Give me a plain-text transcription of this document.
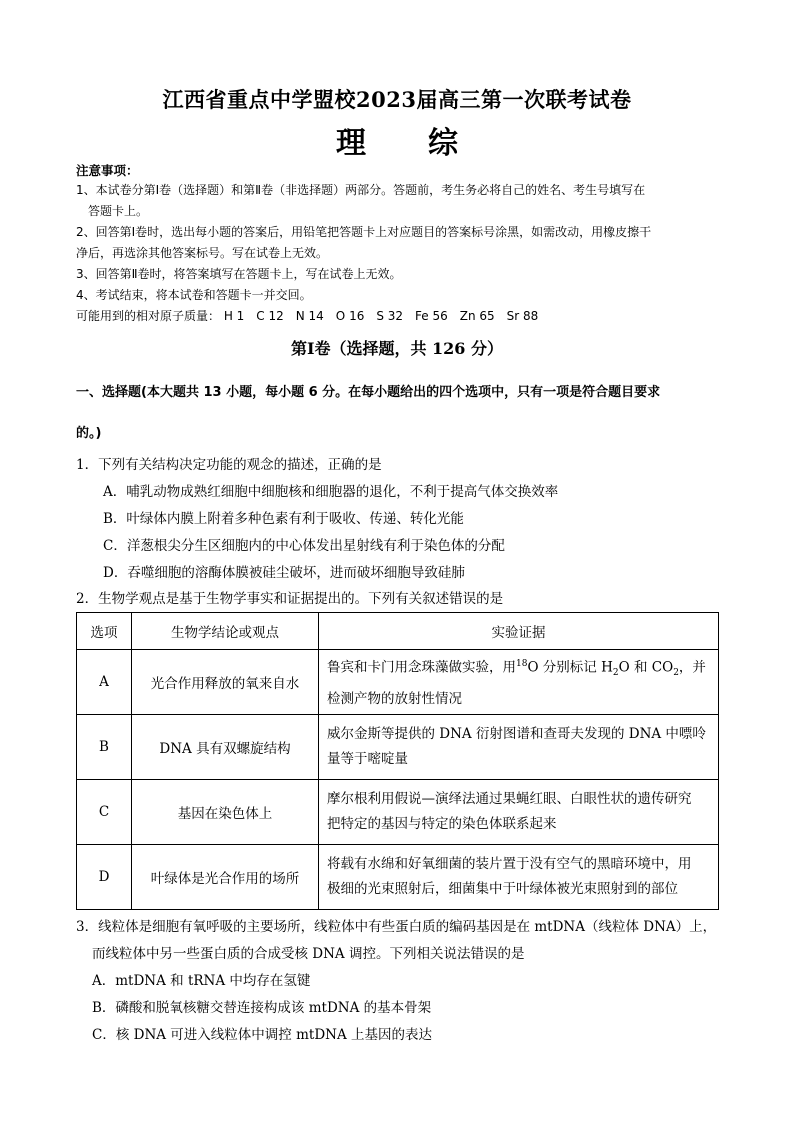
江西省重点中学盟校2023届高三第一次联考试卷
理 综
注意事项：
1、本试卷分第Ⅰ卷（选择题）和第Ⅱ卷（非选择题）两部分。答题前，考生务必将自己的姓名、考生号填写在
答题卡上。
2、回答第Ⅰ卷时，选出每小题的答案后，用铅笔把答题卡上对应题目的答案标号涂黑，如需改动，用橡皮擦干
净后，再选涂其他答案标号。写在试卷上无效。
3、回答第Ⅱ卷时，将答案填写在答题卡上，写在试卷上无效。
4、考试结束，将本试卷和答题卡一并交回。
可能用到的相对原子质量： H 1　C 12　N 14　O 16　S 32　Fe 56　Zn 65　Sr 88
第Ⅰ卷（选择题，共 126 分）
一、选择题(本大题共 13 小题，每小题 6 分。在每小题给出的四个选项中，只有一项是符合题目要求
的。)
1．下列有关结构决定功能的观念的描述，正确的是
A．哺乳动物成熟红细胞中细胞核和细胞器的退化，不利于提高气体交换效率
B．叶绿体内膜上附着多种色素有利于吸收、传递、转化光能
C．洋葱根尖分生区细胞内的中心体发出星射线有利于染色体的分配
D．吞噬细胞的溶酶体膜被硅尘破坏，进而破坏细胞导致硅肺
2．生物学观点是基于生物学事实和证据提出的。下列有关叙述错误的是
选项	生物学结论或观点	实验证据
A	光合作用释放的氧来自水	鲁宾和卡门用念珠藻做实验，用$^{18}$O 分别标记 $H_2O$ 和 $CO_2$，并
检测产物的放射性情况
B	DNA 具有双螺旋结构	威尔金斯等提供的 DNA 衍射图谱和查哥夫发现的 DNA 中嘌呤
量等于嘧啶量
C	基因在染色体上	摩尔根利用假说—演绎法通过果蝇红眼、白眼性状的遗传研究
把特定的基因与特定的染色体联系起来
D	叶绿体是光合作用的场所	将载有水绵和好氧细菌的装片置于没有空气的黑暗环境中，用
极细的光束照射后，细菌集中于叶绿体被光束照射到的部位
3．线粒体是细胞有氧呼吸的主要场所，线粒体中有些蛋白质的编码基因是在 mtDNA（线粒体 DNA）上，
而线粒体中另一些蛋白质的合成受核 DNA 调控。下列相关说法错误的是
A．mtDNA 和 tRNA 中均存在氢键
B．磷酸和脱氧核糖交替连接构成该 mtDNA 的基本骨架
C．核 DNA 可进入线粒体中调控 mtDNA 上基因的表达
